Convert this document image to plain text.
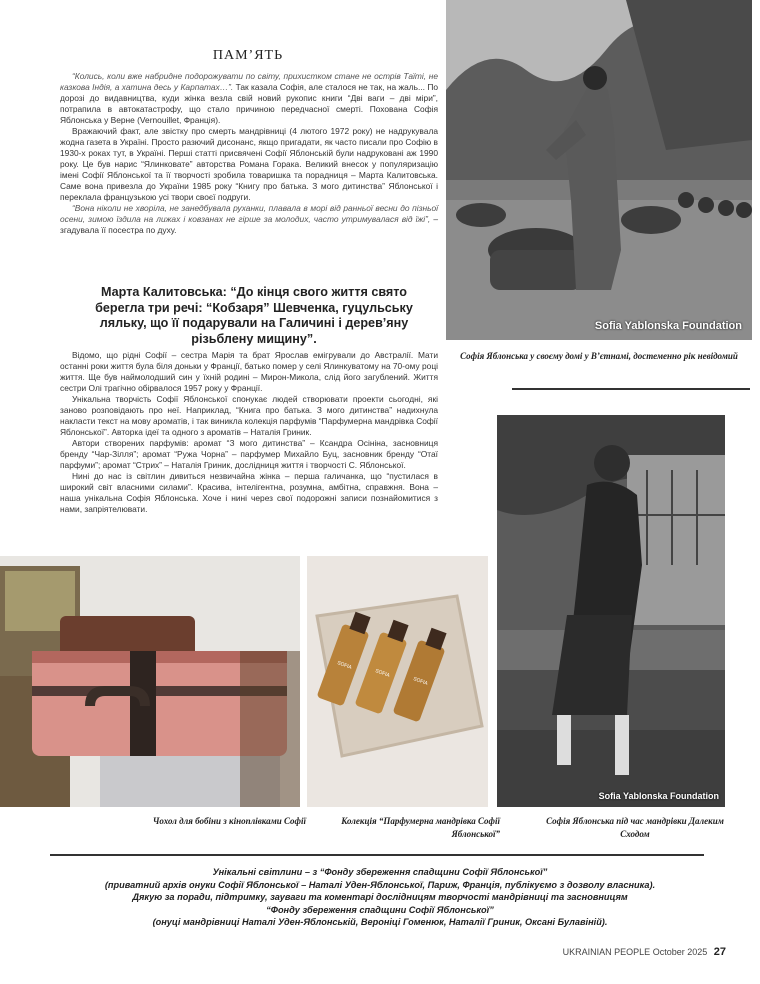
ПАМ’ЯТЬ

“Колись, коли вже набридне подорожувати по світу, прихистком стане не острів Таїті, не казкова Індія, а хатина десь у Карпатах…”. Так казала Софія, але сталося не так, на жаль... По дорозі до видавництва, куди жінка везла свій новий рукопис книги “Дві ваги – дві міри”, потрапила в автокатастрофу, що стало причиною передчасної смерті. Похована Софія Яблонська у Верне (Vernouillet, Франція).

Вражаючий факт, але звістку про смерть мандрівниці (4 лютого 1972 року) не надрукувала жодна газета в Україні. Просто разючий дисонанс, якщо пригадати, як часто писали про Софію в 1930-х роках тут, в Україні. Перші статті присвячені Софії Яблонській були надруковані аж 1990 року. Це був нарис “Ялинковате” авторства Романа Горака. Великий внесок у популяризацію імені Софії Яблонської та її творчості зробила товаришка та порадниця – Марта Калитовська. Саме вона привезла до України 1985 року “Книгу про батька. З мого дитинства” Яблонської і переклала французькою усі твори своєї подруги.

“Вона ніколи не хворіла, не занедбувала руханки, плавала в морі від ранньої весни до пізньої осени, зимою їздила на лижах і ковзанах не гірше за молодих, часто утримувалася від їжі”, – згадувала її посестра по духу.

Марта Калитовська: “До кінця свого життя свято берегла три речі: “Кобзаря” Шевченка, гуцульську ляльку, що її подарували на Галичині і дерев’яну різьблену мищину”.

Відомо, що рідні Софії – сестра Марія та брат Ярослав емігрували до Австралії. Мати останні роки життя була біля доньки у Франції, батько помер у селі Ялинкуватому на 70-ому році життя. Ще був наймолодший син у їхній родині – Мирон-Микола, слід його загублений. Життя сестри Олі трагічно обірвалося 1957 року у Франції.

Унікальна творчість Софії Яблонської спонукає людей створювати проекти сьогодні, які заново розповідають про неї. Наприклад, “Книга про батька. З мого дитинства” надихнула накласти текст на мову ароматів, і так виникла колекція парфумів “Парфумерна мандрівка Софії Яблонської”. Авторка ідеї та одного з ароматів – Наталія Гриник.

Автори створених парфумів: аромат “З мого дитинства” – Ксандра Осініна, засновниця бренду “Чар-Зілля”; аромат “Ружа Чорна” – парфумер Михайло Буц, засновник бренду “Отаї парфуми”; аромат “Стрих” – Наталія Гриник, дослідниця життя і творчості С. Яблонської.

Нині до нас із світлин дивиться незвичайна жінка – перша галичанка, що “пустилася в широкий світ власними силами”. Красива, інтелігентна, розумна, амбітна, справжня. Вона – наша унікальна Софія Яблонська. Хоче і нині через свої подорожні записи познайомитися з нами, запріятелювати.

Sofia Yablonska Foundation
Софія Яблонська у своєму домі у В’єтнамі, достеменно рік невідомий
Sofia Yablonska Foundation
Софія Яблонська під час мандрівки Далеким Сходом
Чохол для бобіни з кіноплівками Софії
SOFIA
SOFIA
SOFIA
Колекція “Парфумерна мандрівка Софії Яблонської”
Унікальні світлини – з “Фонду збереження спадщини Софії Яблонської”
(приватний архів онуки Софії Яблонської – Наталі Уден-Яблонської, Париж, Франція, публікуємо з дозволу власника).
Дякую за поради, підтримку, зауваги та коментарі дослідницям творчості мандрівниці та засновницям
“Фонду збереження спадщини Софії Яблонської”
(онуці мандрівниці Наталі Уден-Яблонській, Вероніці Гоменюк, Наталії Гриник, Оксані Булавіній).
UKRAINIAN PEOPLE October 2025 27
